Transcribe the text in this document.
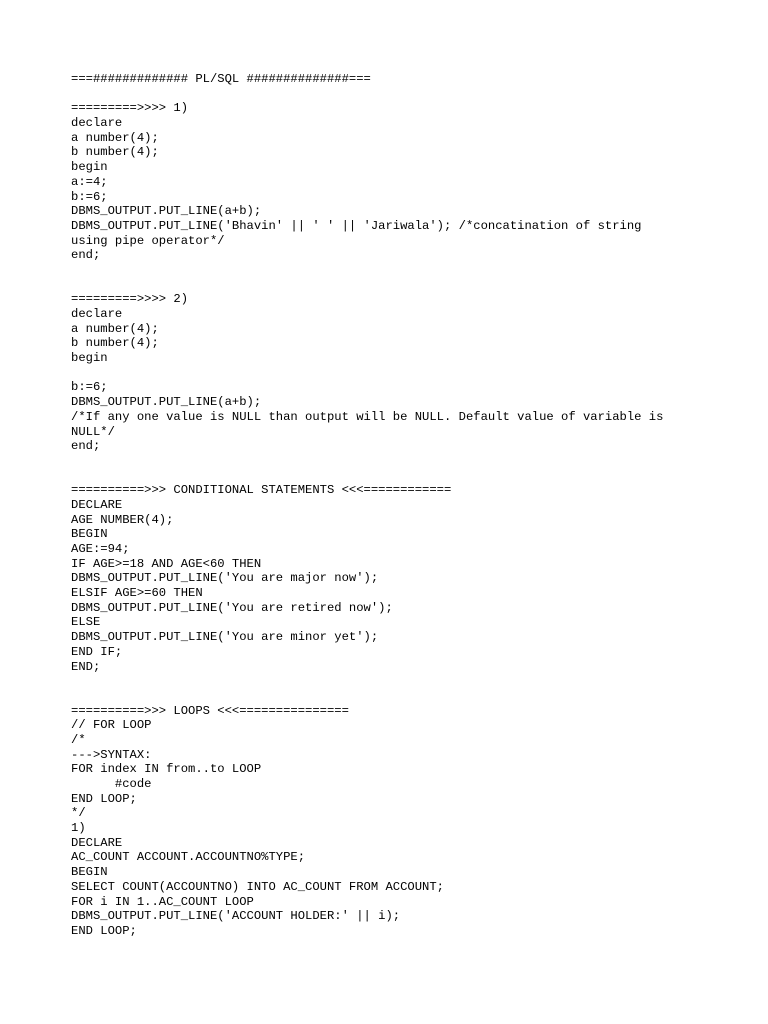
===############# PL/SQL ##############===
=========>>>> 1)
declare
a number(4);
b number(4);
begin
a:=4;
b:=6;
DBMS_OUTPUT.PUT_LINE(a+b);
DBMS_OUTPUT.PUT_LINE('Bhavin' || ' ' || 'Jariwala'); /*concatination of string
using pipe operator*/
end;
=========>>>> 2)
declare
a number(4);
b number(4);
begin
b:=6;
DBMS_OUTPUT.PUT_LINE(a+b);
/*If any one value is NULL than output will be NULL. Default value of variable is
NULL*/
end;
==========>>> CONDITIONAL STATEMENTS <<<============
DECLARE
AGE NUMBER(4);
BEGIN
AGE:=94;
IF AGE>=18 AND AGE<60 THEN
DBMS_OUTPUT.PUT_LINE('You are major now');
ELSIF AGE>=60 THEN
DBMS_OUTPUT.PUT_LINE('You are retired now');
ELSE
DBMS_OUTPUT.PUT_LINE('You are minor yet');
END IF;
END;
==========>>> LOOPS <<<===============
// FOR LOOP
/*
--->SYNTAX:
FOR index IN from..to LOOP
#code
END LOOP;
*/
1)
DECLARE
AC_COUNT ACCOUNT.ACCOUNTNO%TYPE;
BEGIN
SELECT COUNT(ACCOUNTNO) INTO AC_COUNT FROM ACCOUNT;
FOR i IN 1..AC_COUNT LOOP
DBMS_OUTPUT.PUT_LINE('ACCOUNT HOLDER:' || i);
END LOOP;
